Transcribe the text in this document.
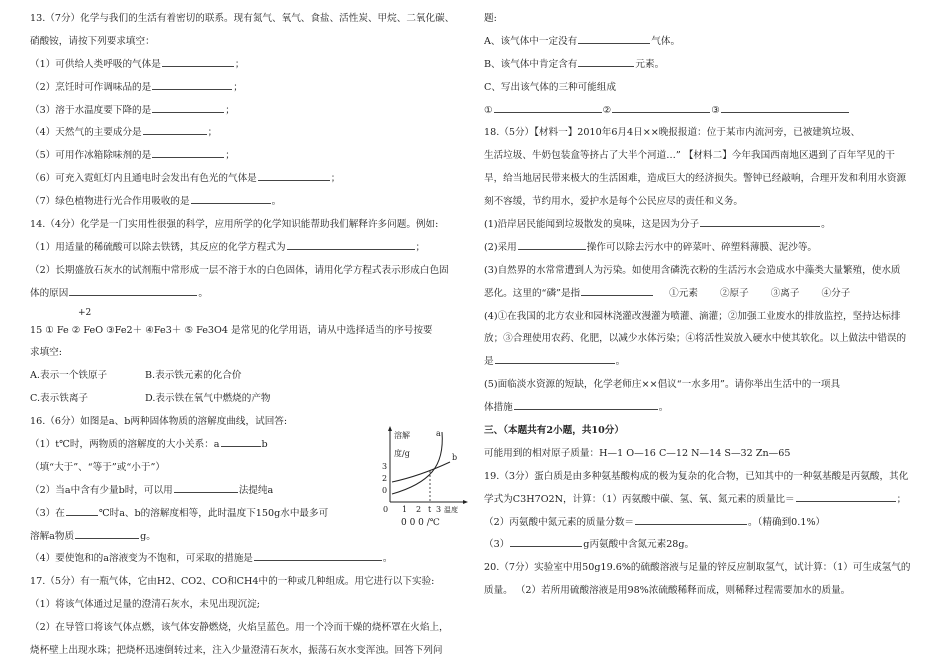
13.（7分）化学与我们的生活有着密切的联系。现有氮气、氧气、食盐、活性炭、甲烷、二氧化碳、
硝酸铵，请按下列要求填空：
（1）可供给人类呼吸的气体是	；
（2）烹饪时可作调味品的是	；
（3）溶于水温度要下降的是	；
（4）天然气的主要成分是	；
（5）可用作冰箱除味剂的是	；
（6）可充入霓虹灯内且通电时会发出有色光的气体是	；
（7）绿色植物进行光合作用吸收的是	。
14.（4分）化学是一门实用性很强的科学，应用所学的化学知识能帮助我们解释许多问题。例如:
（1）用适量的稀硫酸可以除去铁锈，其反应的化学方程式为	；
（2）长期盛放石灰水的试剂瓶中常形成一层不溶于水的白色固体，请用化学方程式表示形成白色固
体的原因	。
+2
15 ① Fe ② FeO ③Fe2＋ ④Fe3＋ ⑤ Fe3O4 是常见的化学用语，请从中选择适当的序号按要
求填空:
A.表示一个铁原子	B.表示铁元素的化合价
C.表示铁离子	D.表示铁在氧气中燃烧的产物
16.（6分）如图是a、b两种固体物质的溶解度曲线，试回答:
（1）t℃时，两物质的溶解度的大小关系：a	b
（填“大于”、“等于”或“小于”）
（2）当a中含有少量b时，可以用	法提纯a
（3）在	℃时a、b的溶解度相等，此时温度下150g水中最多可
溶解a物质	g。
（4）要使饱和的a溶液变为不饱和，可采取的措施是	。
17.（5分）有一瓶气体，它由H2、CO2、CO和CH4中的一种或几种组成。用它进行以下实验:
（1）将该气体通过足量的澄清石灰水，未见出现沉淀;
（2）在导管口将该气体点燃，该气体安静燃烧，火焰呈蓝色。用一个冷而干燥的烧杯罩在火焰上，
烧杯壁上出现水珠；把烧杯迅速倒转过来，注入少量澄清石灰水，振荡石灰水变浑浊。回答下列问
溶解
度/g
3
2
0
0 1 2 t 3 温度
a
b
0 0 0 /℃
题:
A、该气体中一定没有	气体。
B、该气体中肯定含有	元素。
C、写出该气体的三种可能组成
①	②	③
18.（5分）【材料一】2010年6月4日××晚报报道：位于某市内流河旁，已被建筑垃圾、
生活垃圾、牛奶包装盒等挤占了大半个河道…” 【材料二】今年我国西南地区遇到了百年罕见的干
旱，给当地居民带来极大的生活困难，造成巨大的经济损失。警钟已经敲响，合理开发和利用水资源
刻不容缓，节约用水，爱护水是每个公民应尽的责任和义务。
(1)沿岸居民能闻到垃圾散发的臭味，这是因为分子	。
(2)采用	操作可以除去污水中的碎菜叶、碎塑料薄膜、泥沙等。
(3)自然界的水常常遭到人为污染。如使用含磷洗衣粉的生活污水会造成水中藻类大量繁殖，使水质
恶化。这里的“磷”是指	①元素 ②原子 ③离子 ④分子
(4)①在我国的北方农业和园林浇灌改漫灌为喷灌、滴灌；②加强工业废水的排放监控，坚持达标排
放；③合理使用农药、化肥，以减少水体污染；④将活性炭放入硬水中使其软化。以上做法中错误的
是	。
(5)面临淡水资源的短缺，化学老师庄××倡议“一水多用”。请你举出生活中的一项具
体措施	。
三、（本题共有2小题，共10分）
可能用到的相对原子质量：H—1 O—16 C—12 N—14 S—32 Zn—65
19.（3分）蛋白质是由多种氨基酸构成的极为复杂的化合物，已知其中的一种氨基酸是丙氨酸，其化
学式为C3H7O2N，计算：（1）丙氨酸中碳、氢、氧、氮元素的质量比＝	；
（2）丙氨酸中氮元素的质量分数＝	。（精确到0.1%）
（3）	g丙氨酸中含氮元素28g。
20.（7分）实验室中用50g19.6%的硫酸溶液与足量的锌反应制取氢气，试计算：（1）可生成氢气的
质量。 （2）若所用硫酸溶液是用98%浓硫酸稀释而成，则稀释过程需要加水的质量。
